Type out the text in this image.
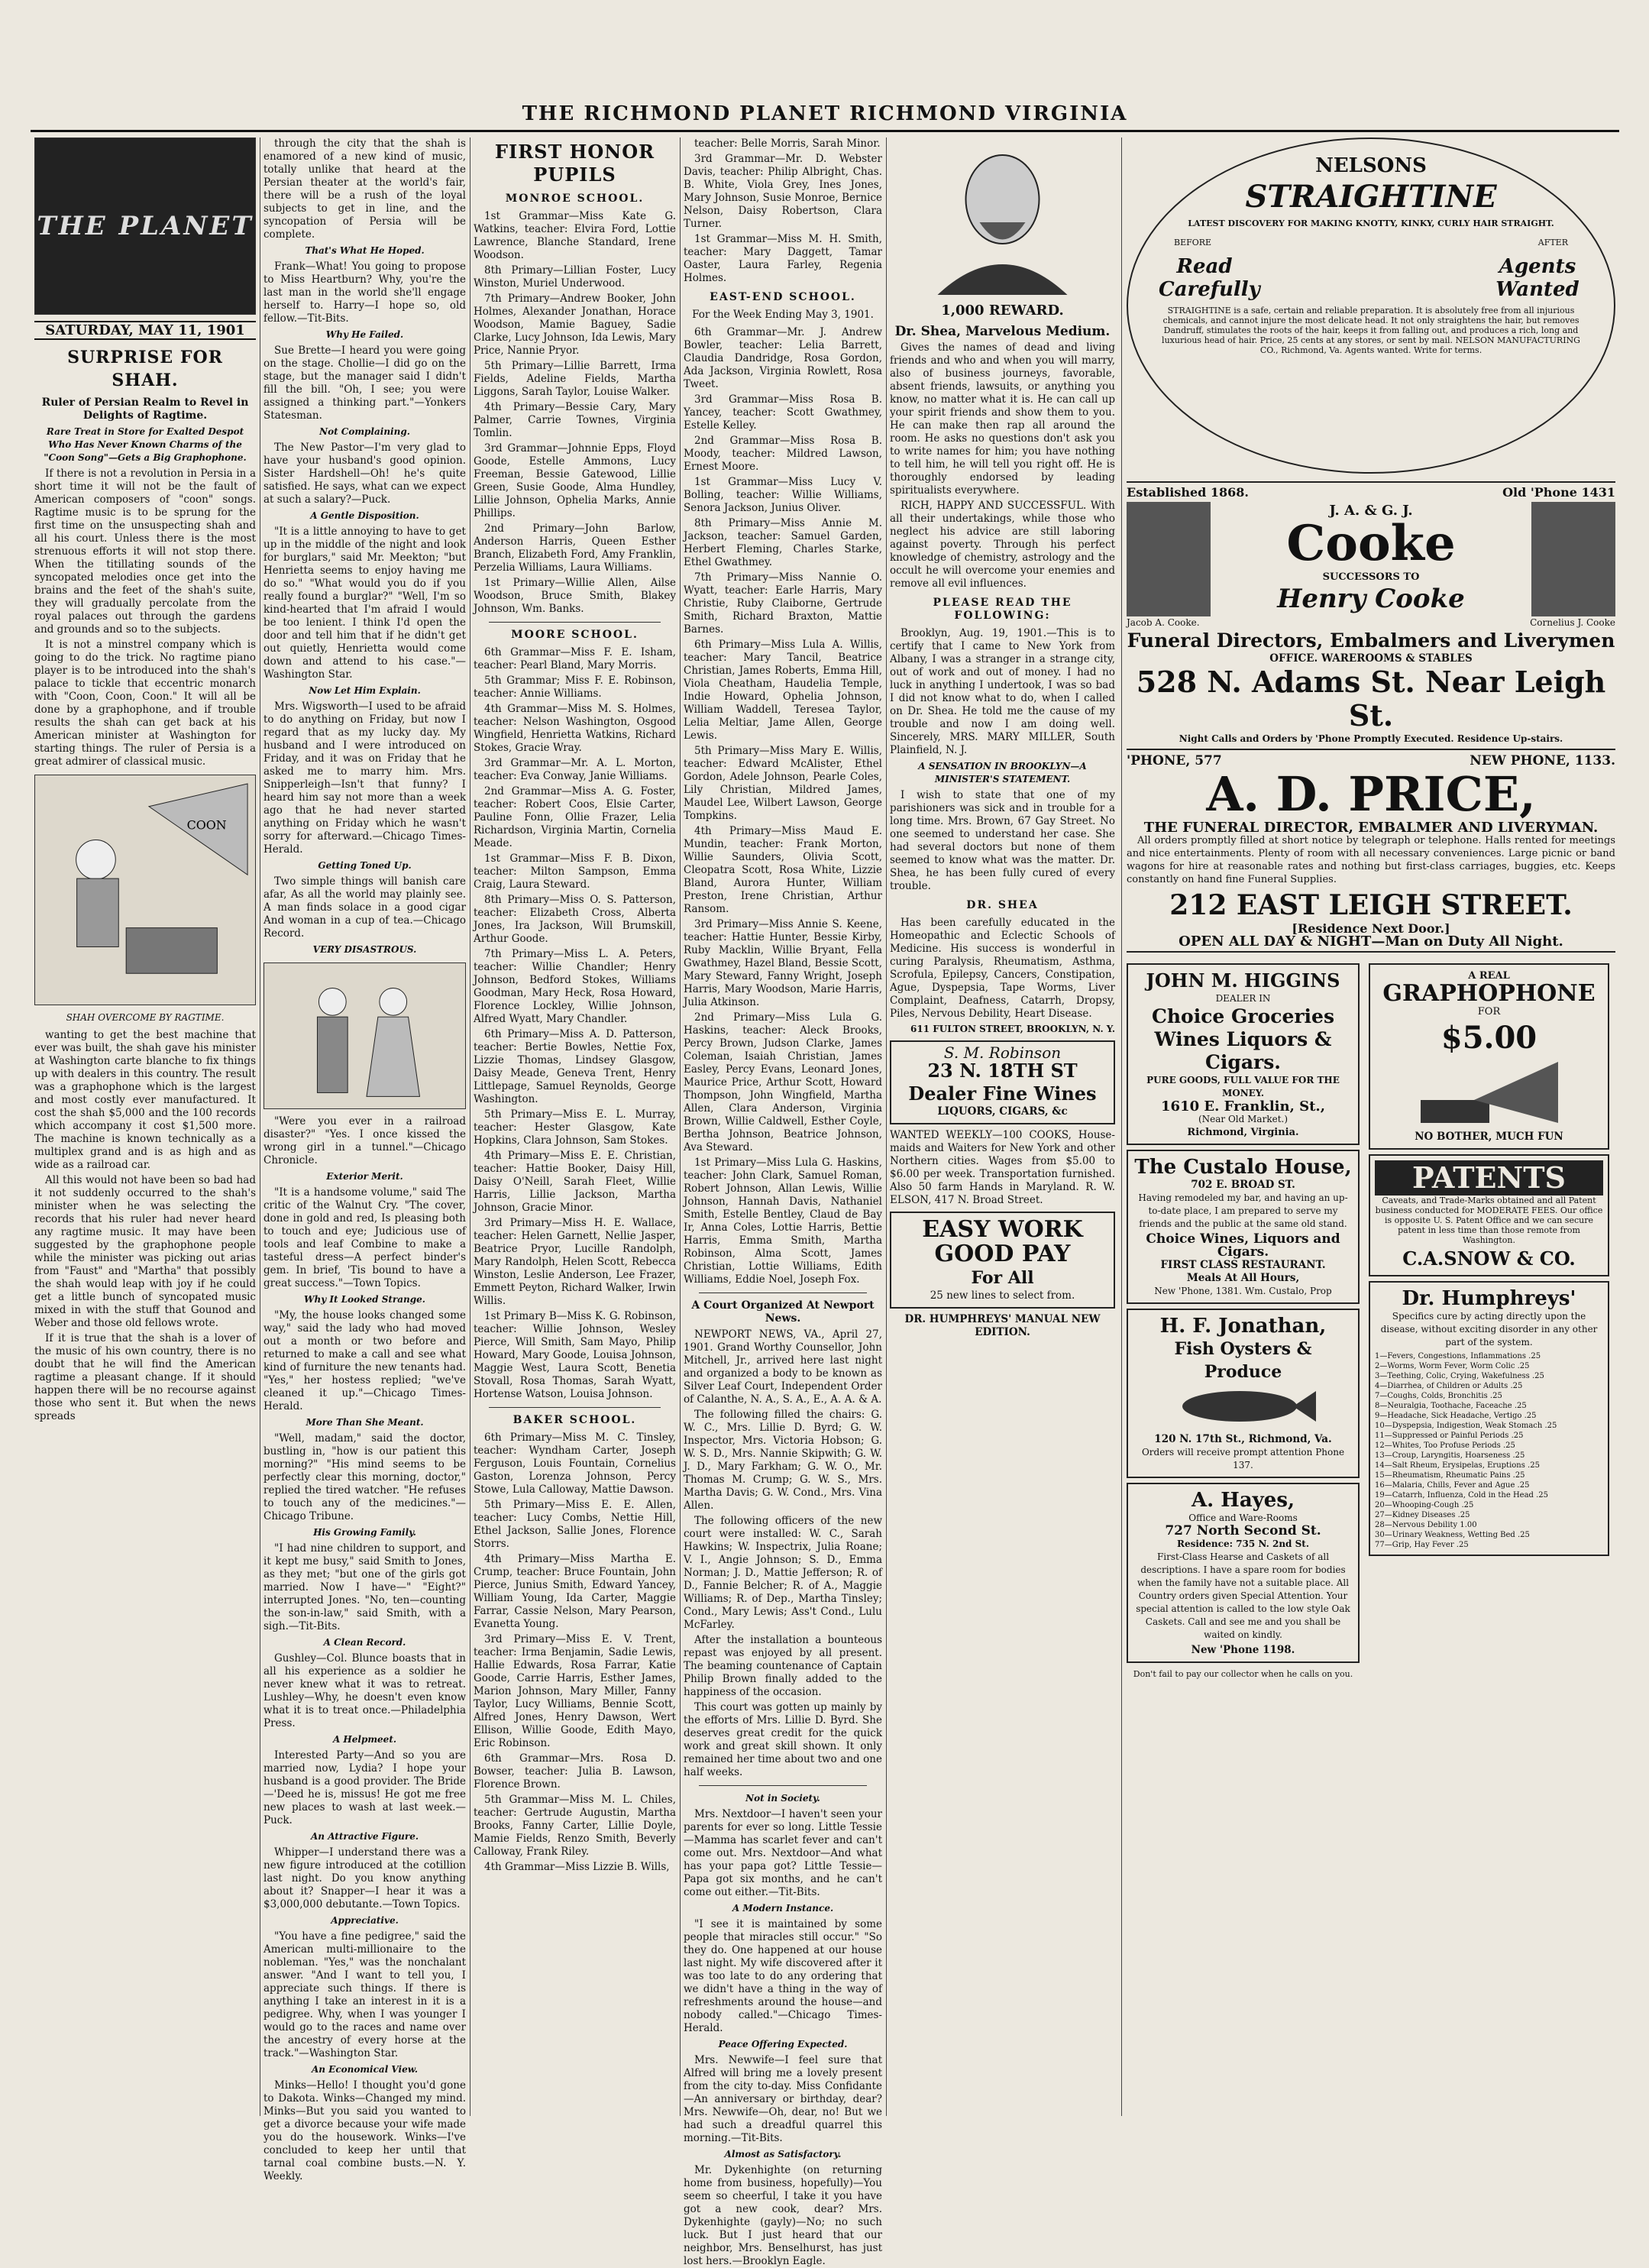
THE RICHMOND PLANET RICHMOND VIRGINIA
THE PLANET
SATURDAY, MAY 11, 1901
SURPRISE FOR SHAH.
Ruler of Persian Realm to Revel in Delights of Ragtime.
Rare Treat in Store for Exalted Despot Who Has Never Known Charms of the "Coon Song"—Gets a Big Graphophone.

If there is not a revolution in Persia in a short time it will not be the fault of American composers of "coon" songs. Ragtime music is to be sprung for the first time on the unsuspecting shah and all his court. Unless there is the most strenuous efforts it will not stop there. When the titillating sounds of the syncopated melodies once get into the brains and the feet of the shah's suite, they will gradually percolate from the royal palaces out through the gardens and grounds and so to the subjects.

It is not a minstrel company which is going to do the trick. No ragtime piano player is to be introduced into the shah's palace to tickle that eccentric monarch with "Coon, Coon, Coon." It will all be done by a graphophone, and if trouble results the shah can get back at his American minister at Washington for starting things. The ruler of Persia is a great admirer of classical music.

COON
SHAH OVERCOME BY RAGTIME.

wanting to get the best machine that ever was built, the shah gave his minister at Washington carte blanche to fix things up with dealers in this country. The result was a graphophone which is the largest and most costly ever manufactured. It cost the shah $5,000 and the 100 records which accompany it cost $1,500 more. The machine is known technically as a multiplex grand and is as high and as wide as a railroad car.

All this would not have been so bad had it not suddenly occurred to the shah's minister when he was selecting the records that his ruler had never heard any ragtime music. It may have been suggested by the graphophone people while the minister was picking out arias from "Faust" and "Martha" that possibly the shah would leap with joy if he could get a little bunch of syncopated music mixed in with the stuff that Gounod and Weber and those old fellows wrote.

If it is true that the shah is a lover of the music of his own country, there is no doubt that he will find the American ragtime a pleasant change. If it should happen there will be no recourse against those who sent it. But when the news spreads

through the city that the shah is enamored of a new kind of music, totally unlike that heard at the Persian theater at the world's fair, there will be a rush of the loyal subjects to get in line, and the syncopation of Persia will be complete.

That's What He Hoped.

Frank—What! You going to propose to Miss Heartburn? Why, you're the last man in the world she'll engage herself to. Harry—I hope so, old fellow.—Tit-Bits.

Why He Failed.

Sue Brette—I heard you were going on the stage. Chollie—I did go on the stage, but the manager said I didn't fill the bill. "Oh, I see; you were assigned a thinking part."—Yonkers Statesman.

Not Complaining.

The New Pastor—I'm very glad to have your husband's good opinion. Sister Hardshell—Oh! he's quite satisfied. He says, what can we expect at such a salary?—Puck.

A Gentle Disposition.

"It is a little annoying to have to get up in the middle of the night and look for burglars," said Mr. Meekton; "but Henrietta seems to enjoy having me do so." "What would you do if you really found a burglar?" "Well, I'm so kind-hearted that I'm afraid I would be too lenient. I think I'd open the door and tell him that if he didn't get out quietly, Henrietta would come down and attend to his case."—Washington Star.

Now Let Him Explain.

Mrs. Wigsworth—I used to be afraid to do anything on Friday, but now I regard that as my lucky day. My husband and I were introduced on Friday, and it was on Friday that he asked me to marry him. Mrs. Snipperleigh—Isn't that funny? I heard him say not more than a week ago that he had never started anything on Friday which he wasn't sorry for afterward.—Chicago Times-Herald.

Getting Toned Up.

Two simple things will banish care afar, As all the world may plainly see. A man finds solace in a good cigar And woman in a cup of tea.—Chicago Record.

VERY DISASTROUS.

"Were you ever in a railroad disaster?" "Yes. I once kissed the wrong girl in a tunnel."—Chicago Chronicle.

Exterior Merit.

"It is a handsome volume," said The critic of the Walnut Cry. "The cover, done in gold and red, Is pleasing both to touch and eye; Judicious use of tools and leaf Combine to make a tasteful dress—A perfect binder's gem. In brief, 'Tis bound to have a great success."—Town Topics.

Why It Looked Strange.

"My, the house looks changed some way," said the lady who had moved out a month or two before and returned to make a call and see what kind of furniture the new tenants had. "Yes," her hostess replied; "we've cleaned it up."—Chicago Times-Herald.

More Than She Meant.

"Well, madam," said the doctor, bustling in, "how is our patient this morning?" "His mind seems to be perfectly clear this morning, doctor," replied the tired watcher. "He refuses to touch any of the medicines."—Chicago Tribune.

His Growing Family.

"I had nine children to support, and it kept me busy," said Smith to Jones, as they met; "but one of the girls got married. Now I have—" "Eight?" interrupted Jones. "No, ten—counting the son-in-law," said Smith, with a sigh.—Tit-Bits.

A Clean Record.

Gushley—Col. Blunce boasts that in all his experience as a soldier he never knew what it was to retreat. Lushley—Why, he doesn't even know what it is to treat once.—Philadelphia Press.

A Helpmeet.

Interested Party—And so you are married now, Lydia? I hope your husband is a good provider. The Bride—'Deed he is, missus! He got me free new places to wash at last week.—Puck.

An Attractive Figure.

Whipper—I understand there was a new figure introduced at the cotillion last night. Do you know anything about it? Snapper—I hear it was a $3,000,000 debutante.—Town Topics.

Appreciative.

"You have a fine pedigree," said the American multi-millionaire to the nobleman. "Yes," was the nonchalant answer. "And I want to tell you, I appreciate such things. If there is anything I take an interest in it is a pedigree. Why, when I was younger I would go to the races and name over the ancestry of every horse at the track."—Washington Star.

An Economical View.

Minks—Hello! I thought you'd gone to Dakota. Winks—Changed my mind. Minks—But you said you wanted to get a divorce because your wife made you do the housework. Winks—I've concluded to keep her until that tarnal coal combine busts.—N. Y. Weekly.

FIRST HONOR PUPILS
MONROE SCHOOL.

1st Grammar—Miss Kate G. Watkins, teacher: Elvira Ford, Lottie Lawrence, Blanche Standard, Irene Woodson.

8th Primary—Lillian Foster, Lucy Winston, Muriel Underwood.

7th Primary—Andrew Booker, John Holmes, Alexander Jonathan, Horace Woodson, Mamie Baguey, Sadie Clarke, Lucy Johnson, Ida Lewis, Mary Price, Nannie Pryor.

5th Primary—Lillie Barrett, Irma Fields, Adeline Fields, Martha Liggons, Sarah Taylor, Louise Walker.

4th Primary—Bessie Cary, Mary Palmer, Carrie Townes, Virginia Tomlin.

3rd Grammar—Johnnie Epps, Floyd Goode, Estelle Ammons, Lucy Freeman, Bessie Gatewood, Lillie Green, Susie Goode, Alma Hundley, Lillie Johnson, Ophelia Marks, Annie Phillips.

2nd Primary—John Barlow, Anderson Harris, Queen Esther Branch, Elizabeth Ford, Amy Franklin, Perzelia Williams, Laura Williams.

1st Primary—Willie Allen, Ailse Woodson, Bruce Smith, Blakey Johnson, Wm. Banks.

MOORE SCHOOL.

6th Grammar—Miss F. E. Isham, teacher: Pearl Bland, Mary Morris.

5th Grammar; Miss F. E. Robinson, teacher: Annie Williams.

4th Grammar—Miss M. S. Holmes, teacher: Nelson Washington, Osgood Wingfield, Henrietta Watkins, Richard Stokes, Gracie Wray.

3rd Grammar—Mr. A. L. Morton, teacher: Eva Conway, Janie Williams.

2nd Grammar—Miss A. G. Foster, teacher: Robert Coos, Elsie Carter, Pauline Fonn, Ollie Frazer, Lelia Richardson, Virginia Martin, Cornelia Meade.

1st Grammar—Miss F. B. Dixon, teacher: Milton Sampson, Emma Craig, Laura Steward.

8th Primary—Miss O. S. Patterson, teacher: Elizabeth Cross, Alberta Jones, Ira Jackson, Will Brumskill, Arthur Goode.

7th Primary—Miss L. A. Peters, teacher: Willie Chandler; Henry Johnson, Bedford Stokes, Williams Goodman, Mary Heck, Rosa Howard, Florence Lockley, Willie Johnson, Alfred Wyatt, Mary Chandler.

6th Primary—Miss A. D. Patterson, teacher: Bertie Bowles, Nettie Fox, Lizzie Thomas, Lindsey Glasgow, Daisy Meade, Geneva Trent, Henry Littlepage, Samuel Reynolds, George Washington.

5th Primary—Miss E. L. Murray, teacher: Hester Glasgow, Kate Hopkins, Clara Johnson, Sam Stokes.

4th Primary—Miss E. E. Christian, teacher: Hattie Booker, Daisy Hill, Daisy O'Neill, Sarah Fleet, Willie Harris, Lillie Jackson, Martha Johnson, Gracie Minor.

3rd Primary—Miss H. E. Wallace, teacher: Helen Garnett, Nellie Jasper, Beatrice Pryor, Lucille Randolph, Mary Randolph, Helen Scott, Rebecca Winston, Leslie Anderson, Lee Frazer, Emmett Peyton, Richard Walker, Irwin Willis.

1st Primary B—Miss K. G. Robinson, teacher: Willie Johnson, Wesley Pierce, Will Smith, Sam Mayo, Philip Howard, Mary Goode, Louisa Johnson, Maggie West, Laura Scott, Benetia Stovall, Rosa Thomas, Sarah Wyatt, Hortense Watson, Louisa Johnson.

BAKER SCHOOL.

6th Primary—Miss M. C. Tinsley, teacher: Wyndham Carter, Joseph Ferguson, Louis Fountain, Cornelius Gaston, Lorenza Johnson, Percy Stowe, Lula Calloway, Mattie Dawson.

5th Primary—Miss E. E. Allen, teacher: Lucy Combs, Nettie Hill, Ethel Jackson, Sallie Jones, Florence Storrs.

4th Primary—Miss Martha E. Crump, teacher: Bruce Fountain, John Pierce, Junius Smith, Edward Yancey, William Young, Ida Carter, Maggie Farrar, Cassie Nelson, Mary Pearson, Evanetta Young.

3rd Primary—Miss E. V. Trent, teacher: Irma Benjamin, Sadie Lewis, Hallie Edwards, Rosa Farrar, Katie Goode, Carrie Harris, Esther James, Marion Johnson, Mary Miller, Fanny Taylor, Lucy Williams, Bennie Scott, Alfred Jones, Henry Dawson, Wert Ellison, Willie Goode, Edith Mayo, Eric Robinson.

6th Grammar—Mrs. Rosa D. Bowser, teacher: Julia B. Lawson, Florence Brown.

5th Grammar—Miss M. L. Chiles, teacher: Gertrude Augustin, Martha Brooks, Fanny Carter, Lillie Doyle, Mamie Fields, Renzo Smith, Beverly Calloway, Frank Riley.

4th Grammar—Miss Lizzie B. Wills,

teacher: Belle Morris, Sarah Minor.

3rd Grammar—Mr. D. Webster Davis, teacher: Philip Albright, Chas. B. White, Viola Grey, Ines Jones, Mary Johnson, Susie Monroe, Bernice Nelson, Daisy Robertson, Clara Turner.

1st Grammar—Miss M. H. Smith, teacher: Mary Daggett, Tamar Oaster, Laura Farley, Regenia Holmes.

EAST-END SCHOOL.
For the Week Ending May 3, 1901.

6th Grammar—Mr. J. Andrew Bowler, teacher: Lelia Barrett, Claudia Dandridge, Rosa Gordon, Ada Jackson, Virginia Rowlett, Rosa Tweet.

3rd Grammar—Miss Rosa B. Yancey, teacher: Scott Gwathmey, Estelle Kelley.

2nd Grammar—Miss Rosa B. Moody, teacher: Mildred Lawson, Ernest Moore.

1st Grammar—Miss Lucy V. Bolling, teacher: Willie Williams, Senora Jackson, Junius Oliver.

8th Primary—Miss Annie M. Jackson, teacher: Samuel Garden, Herbert Fleming, Charles Starke, Ethel Gwathmey.

7th Primary—Miss Nannie O. Wyatt, teacher: Earle Harris, Mary Christie, Ruby Claiborne, Gertrude Smith, Richard Braxton, Mattie Barnes.

6th Primary—Miss Lula A. Willis, teacher: Mary Tancil, Beatrice Christian, James Roberts, Emma Hill, Viola Cheatham, Haudelia Temple, Indie Howard, Ophelia Johnson, William Waddell, Teresea Taylor, Lelia Meltiar, Jame Allen, George Lewis.

5th Primary—Miss Mary E. Willis, teacher: Edward McAlister, Ethel Gordon, Adele Johnson, Pearle Coles, Lily Christian, Mildred James, Maudel Lee, Wilbert Lawson, George Tompkins.

4th Primary—Miss Maud E. Mundin, teacher: Frank Morton, Willie Saunders, Olivia Scott, Cleopatra Scott, Rosa White, Lizzie Bland, Aurora Hunter, William Preston, Irene Christian, Arthur Ransom.

3rd Primary—Miss Annie S. Keene, teacher: Hattie Hunter, Bessie Kirby, Ruby Macklin, Willie Bryant, Fella Gwathmey, Hazel Bland, Bessie Scott, Mary Steward, Fanny Wright, Joseph Harris, Mary Woodson, Marie Harris, Julia Atkinson.

2nd Primary—Miss Lula G. Haskins, teacher: Aleck Brooks, Percy Brown, Judson Clarke, James Coleman, Isaiah Christian, James Easley, Percy Evans, Leonard Jones, Maurice Price, Arthur Scott, Howard Thompson, John Wingfield, Martha Allen, Clara Anderson, Virginia Brown, Willie Caldwell, Esther Coyle, Bertha Johnson, Beatrice Johnson, Ava Steward.

1st Primary—Miss Lula G. Haskins, teacher: John Clark, Samuel Roman, Robert Johnson, Allan Lewis, Willie Johnson, Hannah Davis, Nathaniel Smith, Estelle Bentley, Claud de Bay Ir, Anna Coles, Lottie Harris, Bettie Harris, Emma Smith, Martha Robinson, Alma Scott, James Christian, Lottie Williams, Edith Williams, Eddie Noel, Joseph Fox.

A Court Organized At Newport News.

NEWPORT NEWS, VA., April 27, 1901. Grand Worthy Counsellor, John Mitchell, Jr., arrived here last night and organized a body to be known as Silver Leaf Court, Independent Order of Calanthe, N. A., S. A., E., A. A. & A.

The following filled the chairs: G. W. C., Mrs. Lillie D. Byrd; G. W. Inspector, Mrs. Victoria Hobson; G. W. S. D., Mrs. Nannie Skipwith; G. W. J. D., Mary Farkham; G. W. O., Mr. Thomas M. Crump; G. W. S., Mrs. Martha Davis; G. W. Cond., Mrs. Vina Allen.

The following officers of the new court were installed: W. C., Sarah Hawkins; W. Inspectrix, Julia Roane; V. I., Angie Johnson; S. D., Emma Norman; J. D., Mattie Jefferson; R. of D., Fannie Belcher; R. of A., Maggie Williams; R. of Dep., Martha Tinsley; Cond., Mary Lewis; Ass't Cond., Lulu McFarley.

After the installation a bounteous repast was enjoyed by all present. The beaming countenance of Captain Philip Brown finally added to the happiness of the occasion.

This court was gotten up mainly by the efforts of Mrs. Lillie D. Byrd. She deserves great credit for the quick work and great skill shown. It only remained her time about two and one half weeks.

Not in Society.

Mrs. Nextdoor—I haven't seen your parents for ever so long. Little Tessie—Mamma has scarlet fever and can't come out. Mrs. Nextdoor—And what has your papa got? Little Tessie—Papa got six months, and he can't come out either.—Tit-Bits.

A Modern Instance.

"I see it is maintained by some people that miracles still occur." "So they do. One happened at our house last night. My wife discovered after it was too late to do any ordering that we didn't have a thing in the way of refreshments around the house—and nobody called."—Chicago Times-Herald.

Peace Offering Expected.

Mrs. Newwife—I feel sure that Alfred will bring me a lovely present from the city to-day. Miss Confidante—An anniversary or birthday, dear? Mrs. Newwife—Oh, dear, no! But we had such a dreadful quarrel this morning.—Tit-Bits.

Almost as Satisfactory.

Mr. Dykenhighte (on returning home from business, hopefully)—You seem so cheerful, I take it you have got a new cook, dear? Mrs. Dykenhighte (gayly)—No; no such luck. But I just heard that our neighbor, Mrs. Benselhurst, has just lost hers.—Brooklyn Eagle.

1,000 REWARD.
Dr. Shea, Marvelous Medium.

Gives the names of dead and living friends and who and when you will marry, also of business journeys, favorable, absent friends, lawsuits, or anything you know, no matter what it is. He can call up your spirit friends and show them to you. He can make then rap all around the room. He asks no questions don't ask you to write names for him; you have nothing to tell him, he will tell you right off. He is thoroughly endorsed by leading spiritualists everywhere.

RICH, HAPPY AND SUCCESSFUL. With all their undertakings, while those who neglect his advice are still laboring against poverty. Through his perfect knowledge of chemistry, astrology and the occult he will overcome your enemies and remove all evil influences.

PLEASE READ THE FOLLOWING:

Brooklyn, Aug. 19, 1901.—This is to certify that I came to New York from Albany, I was a stranger in a strange city, out of work and out of money. I had no luck in anything I undertook, I was so bad I did not know what to do, when I called on Dr. Shea. He told me the cause of my trouble and now I am doing well. Sincerely, MRS. MARY MILLER, South Plainfield, N. J.

A SENSATION IN BROOKLYN—A MINISTER'S STATEMENT.

I wish to state that one of my parishioners was sick and in trouble for a long time. Mrs. Brown, 67 Gay Street. No one seemed to understand her case. She had several doctors but none of them seemed to know what was the matter. Dr. Shea, he has been fully cured of every trouble.

DR. SHEA

Has been carefully educated in the Homeopathic and Eclectic Schools of Medicine. His success is wonderful in curing Paralysis, Rheumatism, Asthma, Scrofula, Epilepsy, Cancers, Constipation, Ague, Dyspepsia, Tape Worms, Liver Complaint, Deafness, Catarrh, Dropsy, Piles, Nervous Debility, Heart Disease.

611 FULTON STREET, BROOKLYN, N. Y.
S. M. Robinson
23 N. 18TH ST
Dealer Fine Wines
LIQUORS, CIGARS, &c

WANTED WEEKLY—100 COOKS, House-maids and Waiters for New York and other Northern cities. Wages from $5.00 to $6.00 per week. Transportation furnished. Also 50 farm Hands in Maryland. R. W. ELSON, 417 N. Broad Street.

EASY WORK GOOD PAY
For All
25 new lines to select from.
DR. HUMPHREYS' MANUAL NEW EDITION.
NELSONS
STRAIGHTINE
LATEST DISCOVERY FOR MAKING KNOTTY, KINKY, CURLY HAIR STRAIGHT.
BEFORE	AFTER
Read Carefully
Agents Wanted

STRAIGHTINE is a safe, certain and reliable preparation. It is absolutely free from all injurious chemicals, and cannot injure the most delicate head. It not only straightens the hair, but removes Dandruff, stimulates the roots of the hair, keeps it from falling out, and produces a rich, long and luxurious head of hair. Price, 25 cents at any stores, or sent by mail. NELSON MANUFACTURING CO., Richmond, Va. Agents wanted. Write for terms.

Established 1868.	Old 'Phone 1431
J. A. & G. J.
Cooke
SUCCESSORS TO
Henry Cooke
Jacob A. Cooke.	Cornelius J. Cooke
Funeral Directors, Embalmers and Liverymen
OFFICE. WAREROOMS & STABLES
528 N. Adams St. Near Leigh St.
Night Calls and Orders by 'Phone Promptly Executed. Residence Up-stairs.
'PHONE, 577	NEW PHONE, 1133.
A. D. PRICE,
THE FUNERAL DIRECTOR, EMBALMER AND LIVERYMAN.

All orders promptly filled at short notice by telegraph or telephone. Halls rented for meetings and nice entertainments. Plenty of room with all necessary conveniences. Large picnic or band wagons for hire at reasonable rates and nothing but first-class carriages, buggies, etc. Keeps constantly on hand fine Funeral Supplies.

212 EAST LEIGH STREET.
[Residence Next Door.]
OPEN ALL DAY & NIGHT—Man on Duty All Night.
JOHN M. HIGGINS
DEALER IN
Choice Groceries Wines Liquors & Cigars.
PURE GOODS, FULL VALUE FOR THE MONEY.
1610 E. Franklin, St.,
(Near Old Market.)
Richmond, Virginia.
The Custalo House,
702 E. BROAD ST.

Having remodeled my bar, and having an up-to-date place, I am prepared to serve my friends and the public at the same old stand.

Choice Wines, Liquors and Cigars.
FIRST CLASS RESTAURANT.
Meals At All Hours,
New 'Phone, 1381. Wm. Custalo, Prop
H. F. Jonathan,
Fish Oysters & Produce
120 N. 17th St., Richmond, Va.
Orders will receive prompt attention Phone 137.
A. Hayes,
Office and Ware-Rooms
727 North Second St.
Residence: 735 N. 2nd St.

First-Class Hearse and Caskets of all descriptions. I have a spare room for bodies when the family have not a suitable place. All Country orders given Special Attention. Your special attention is called to the low style Oak Caskets. Call and see me and you shall be waited on kindly.

New 'Phone 1198.
Don't fail to pay our collector when he calls on you.
A REAL
GRAPHOPHONE
FOR
$5.00
NO BOTHER, MUCH FUN
PATENTS

Caveats, and Trade-Marks obtained and all Patent business conducted for MODERATE FEES. Our office is opposite U. S. Patent Office and we can secure patent in less time than those remote from Washington.

C.A.SNOW & CO.
Dr. Humphreys'

Specifics cure by acting directly upon the disease, without exciting disorder in any other part of the system.

1—Fevers, Congestions, Inflammations .25
2—Worms, Worm Fever, Worm Colic .25
3—Teething, Colic, Crying, Wakefulness .25
4—Diarrhea, of Children or Adults .25
7—Coughs, Colds, Bronchitis .25
8—Neuralgia, Toothache, Faceache .25
9—Headache, Sick Headache, Vertigo .25
10—Dyspepsia, Indigestion, Weak Stomach .25
11—Suppressed or Painful Periods .25
12—Whites, Too Profuse Periods .25
13—Croup, Laryngitis, Hoarseness .25
14—Salt Rheum, Erysipelas, Eruptions .25
15—Rheumatism, Rheumatic Pains .25
16—Malaria, Chills, Fever and Ague .25
19—Catarrh, Influenza, Cold in the Head .25
20—Whooping-Cough .25
27—Kidney Diseases .25
28—Nervous Debility 1.00
30—Urinary Weakness, Wetting Bed .25
77—Grip, Hay Fever .25
